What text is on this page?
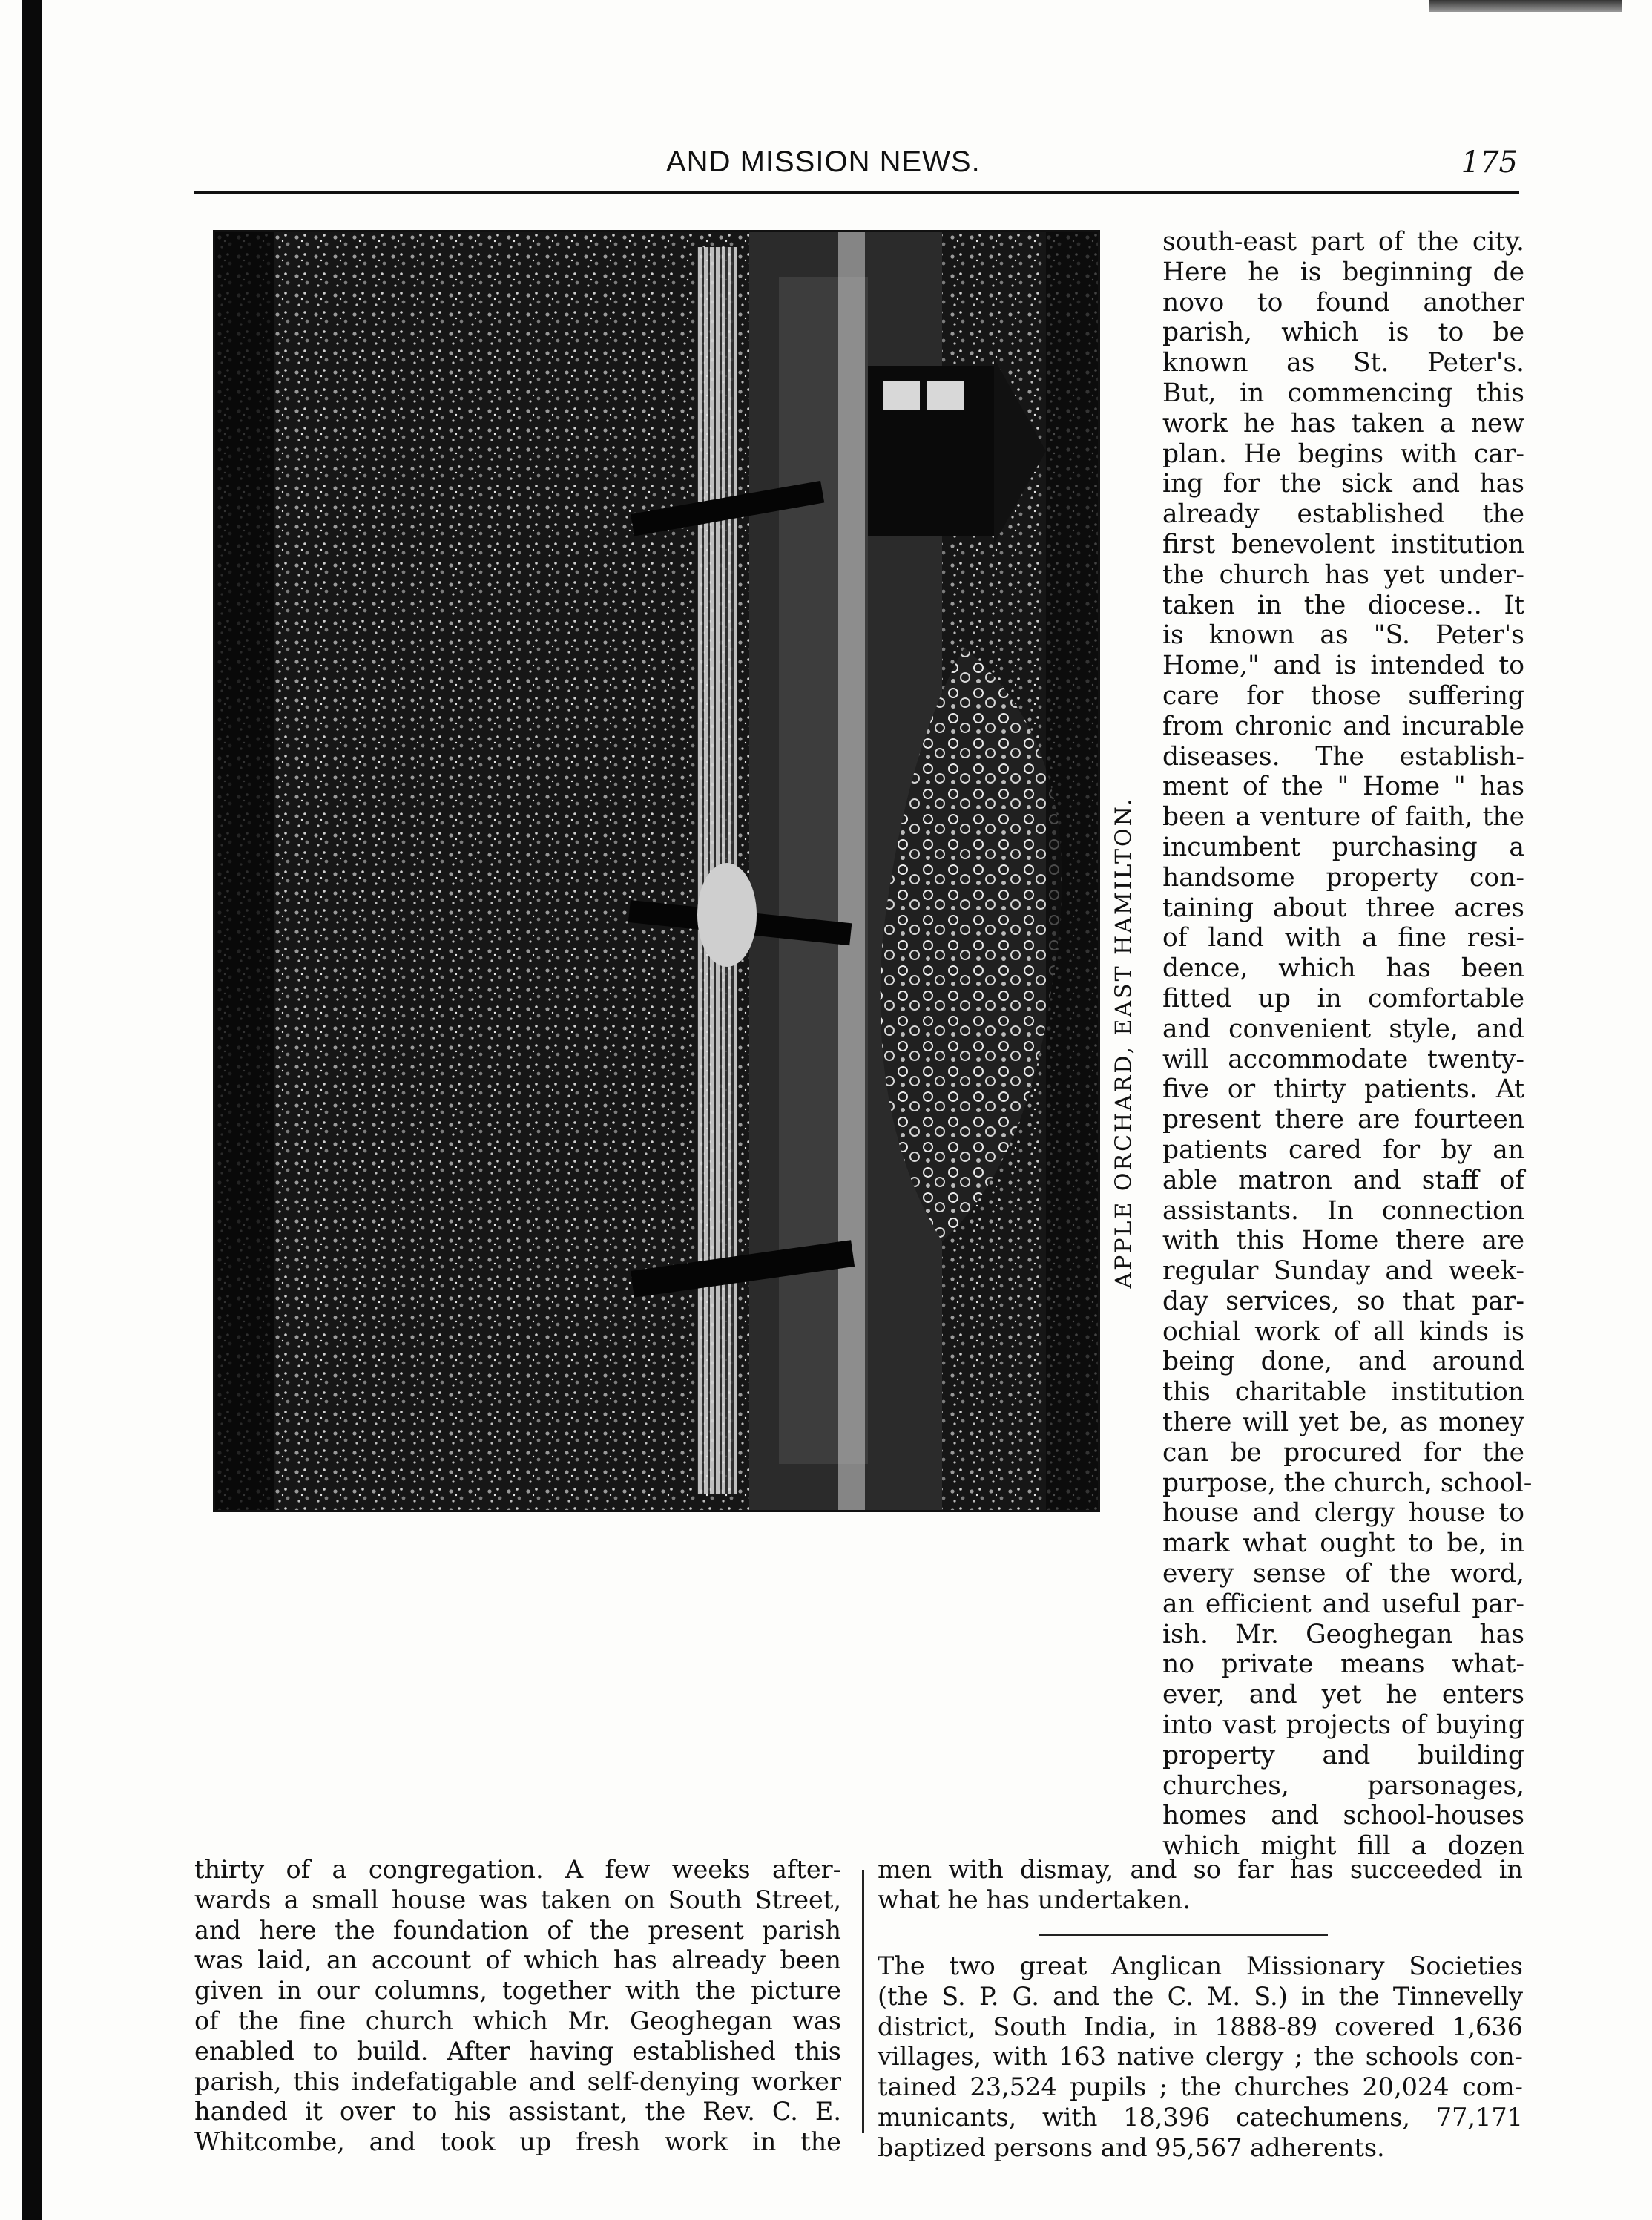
AND MISSION NEWS.	175
APPLE ORCHARD, EAST HAMILTON.
south-east part of the city.
Here he is beginning de
novo to found another
parish, which is to be
known as St. Peter's.
But, in commencing this
work he has taken a new
plan. He begins with car-
ing for the sick and has
already established the
first benevolent institution
the church has yet under-
taken in the diocese.. It
is known as "S. Peter's
Home," and is intended to
care for those suffering
from chronic and incurable
diseases. The establish-
ment of the " Home " has
been a venture of faith, the
incumbent purchasing a
handsome property con-
taining about three acres
of land with a fine resi-
dence, which has been
fitted up in comfortable
and convenient style, and
will accommodate twenty-
five or thirty patients. At
present there are fourteen
patients cared for by an
able matron and staff of
assistants. In connection
with this Home there are
regular Sunday and week-
day services, so that par-
ochial work of all kinds is
being done, and around
this charitable institution
there will yet be, as money
can be procured for the
purpose, the church, school-
house and clergy house to
mark what ought to be, in
every sense of the word,
an efficient and useful par-
ish. Mr. Geoghegan has
no private means what-
ever, and yet he enters
into vast projects of buying
property and building
churches, parsonages,
homes and school-houses
which might fill a dozen
thirty of a congregation. A few weeks after-
wards a small house was taken on South Street,
and here the foundation of the present parish
was laid, an account of which has already been
given in our columns, together with the picture
of the fine church which Mr. Geoghegan was
enabled to build. After having established this
parish, this indefatigable and self-denying worker
handed it over to his assistant, the Rev. C. E.
Whitcombe, and took up fresh work in the
men with dismay, and so far has succeeded in
what he has undertaken.
The two great Anglican Missionary Societies
(the S. P. G. and the C. M. S.) in the Tinnevelly
district, South India, in 1888-89 covered 1,636
villages, with 163 native clergy ; the schools con-
tained 23,524 pupils ; the churches 20,024 com-
municants, with 18,396 catechumens, 77,171
baptized persons and 95,567 adherents.
